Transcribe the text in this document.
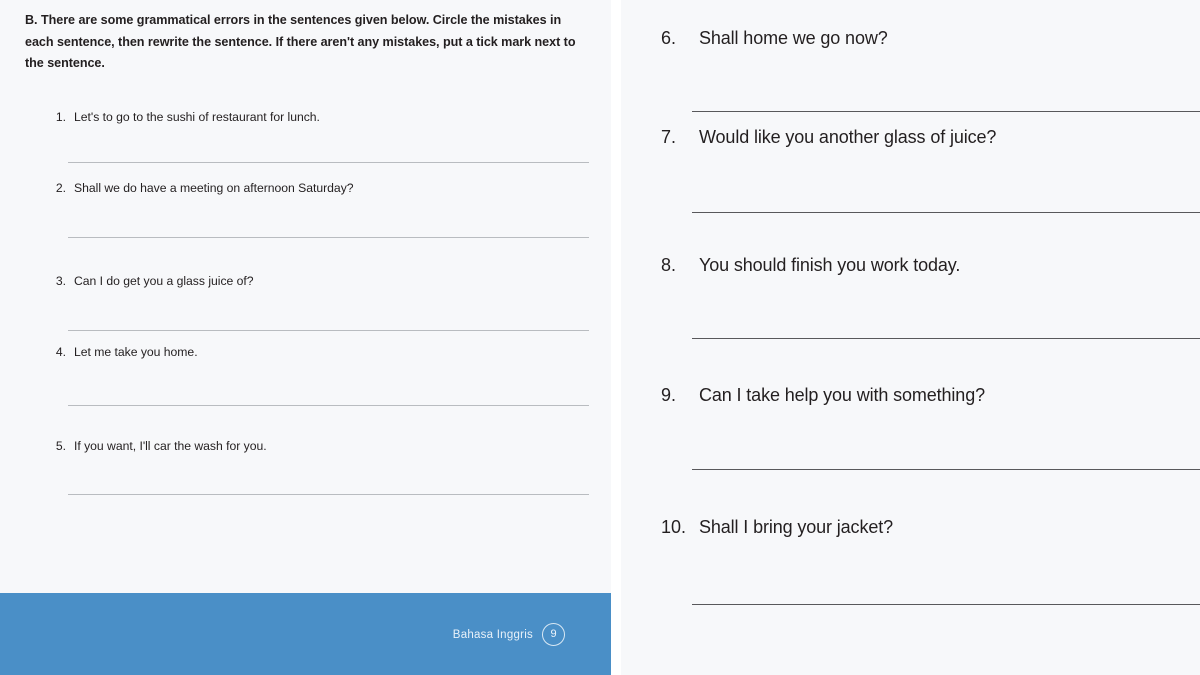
B. There are some grammatical errors in the sentences given below. Circle the mistakes in each sentence, then rewrite the sentence. If there aren't any mistakes, put a tick mark next to the sentence.
1. Let's to go to the sushi of restaurant for lunch.
2. Shall we do have a meeting on afternoon Saturday?
3. Can I do get you a glass juice of?
4. Let me take you home.
5. If you want, I'll car the wash for you.
Bahasa Inggris	9
6.	Shall home we go now?
7.	Would like you another glass of juice?
8.	You should finish you work today.
9.	Can I take help you with something?
10. Shall I bring your jacket?
